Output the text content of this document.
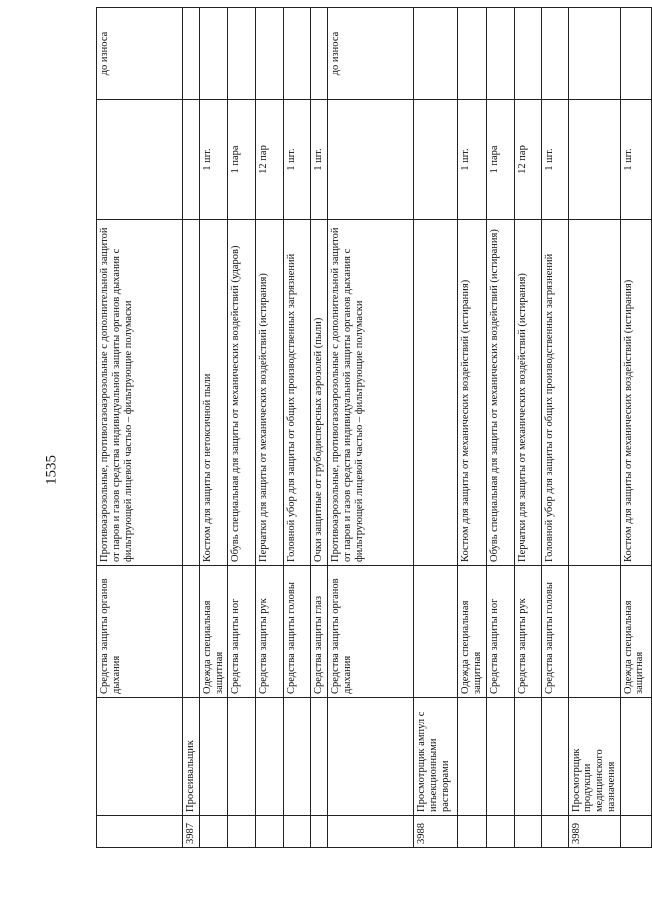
1535
		Средства защиты органов дыхания	Противоаэрозольные, противогазоаэрозольные с дополнительной защитой от паров и газов средства индивидуальной защиты органов дыхания с фильтрующей лицевой частью – фильтрующие полумаски		до износа
3987	Просеивальщик				
		Одежда специальная защитная	Костюм для защиты от нетоксичной пыли	1 шт.	
		Средства защиты ног	Обувь специальная для защиты от механических воздействий (ударов)	1 пара	
		Средства защиты рук	Перчатки для защиты от механических воздействий (истирания)	12 пар	
		Средства защиты головы	Головной убор для защиты от общих производственных загрязнений	1 шт.	
		Средства защиты глаз	Очки защитные от грубодисперсных аэрозолей (пыли)	1 шт.	
		Средства защиты органов дыхания	Противоаэрозольные, противогазоаэрозольные с дополнительной защитой от паров и газов средства индивидуальной защиты органов дыхания с фильтрующей лицевой частью – фильтрующие полумаски		до износа
3988	Просмотрщик ампул с инъекционными растворами				
		Одежда специальная защитная	Костюм для защиты от механических воздействий (истирания)	1 шт.	
		Средства защиты ног	Обувь специальная для защиты от механических воздействий (истирания)	1 пара	
		Средства защиты рук	Перчатки для защиты от механических воздействий (истирания)	12 пар	
		Средства защиты головы	Головной убор для защиты от общих производственных загрязнений	1 шт.	
3989	Просмотрщик продукции медицинского назначения				
		Одежда специальная защитная	Костюм для защиты от механических воздействий (истирания)	1 шт.	
